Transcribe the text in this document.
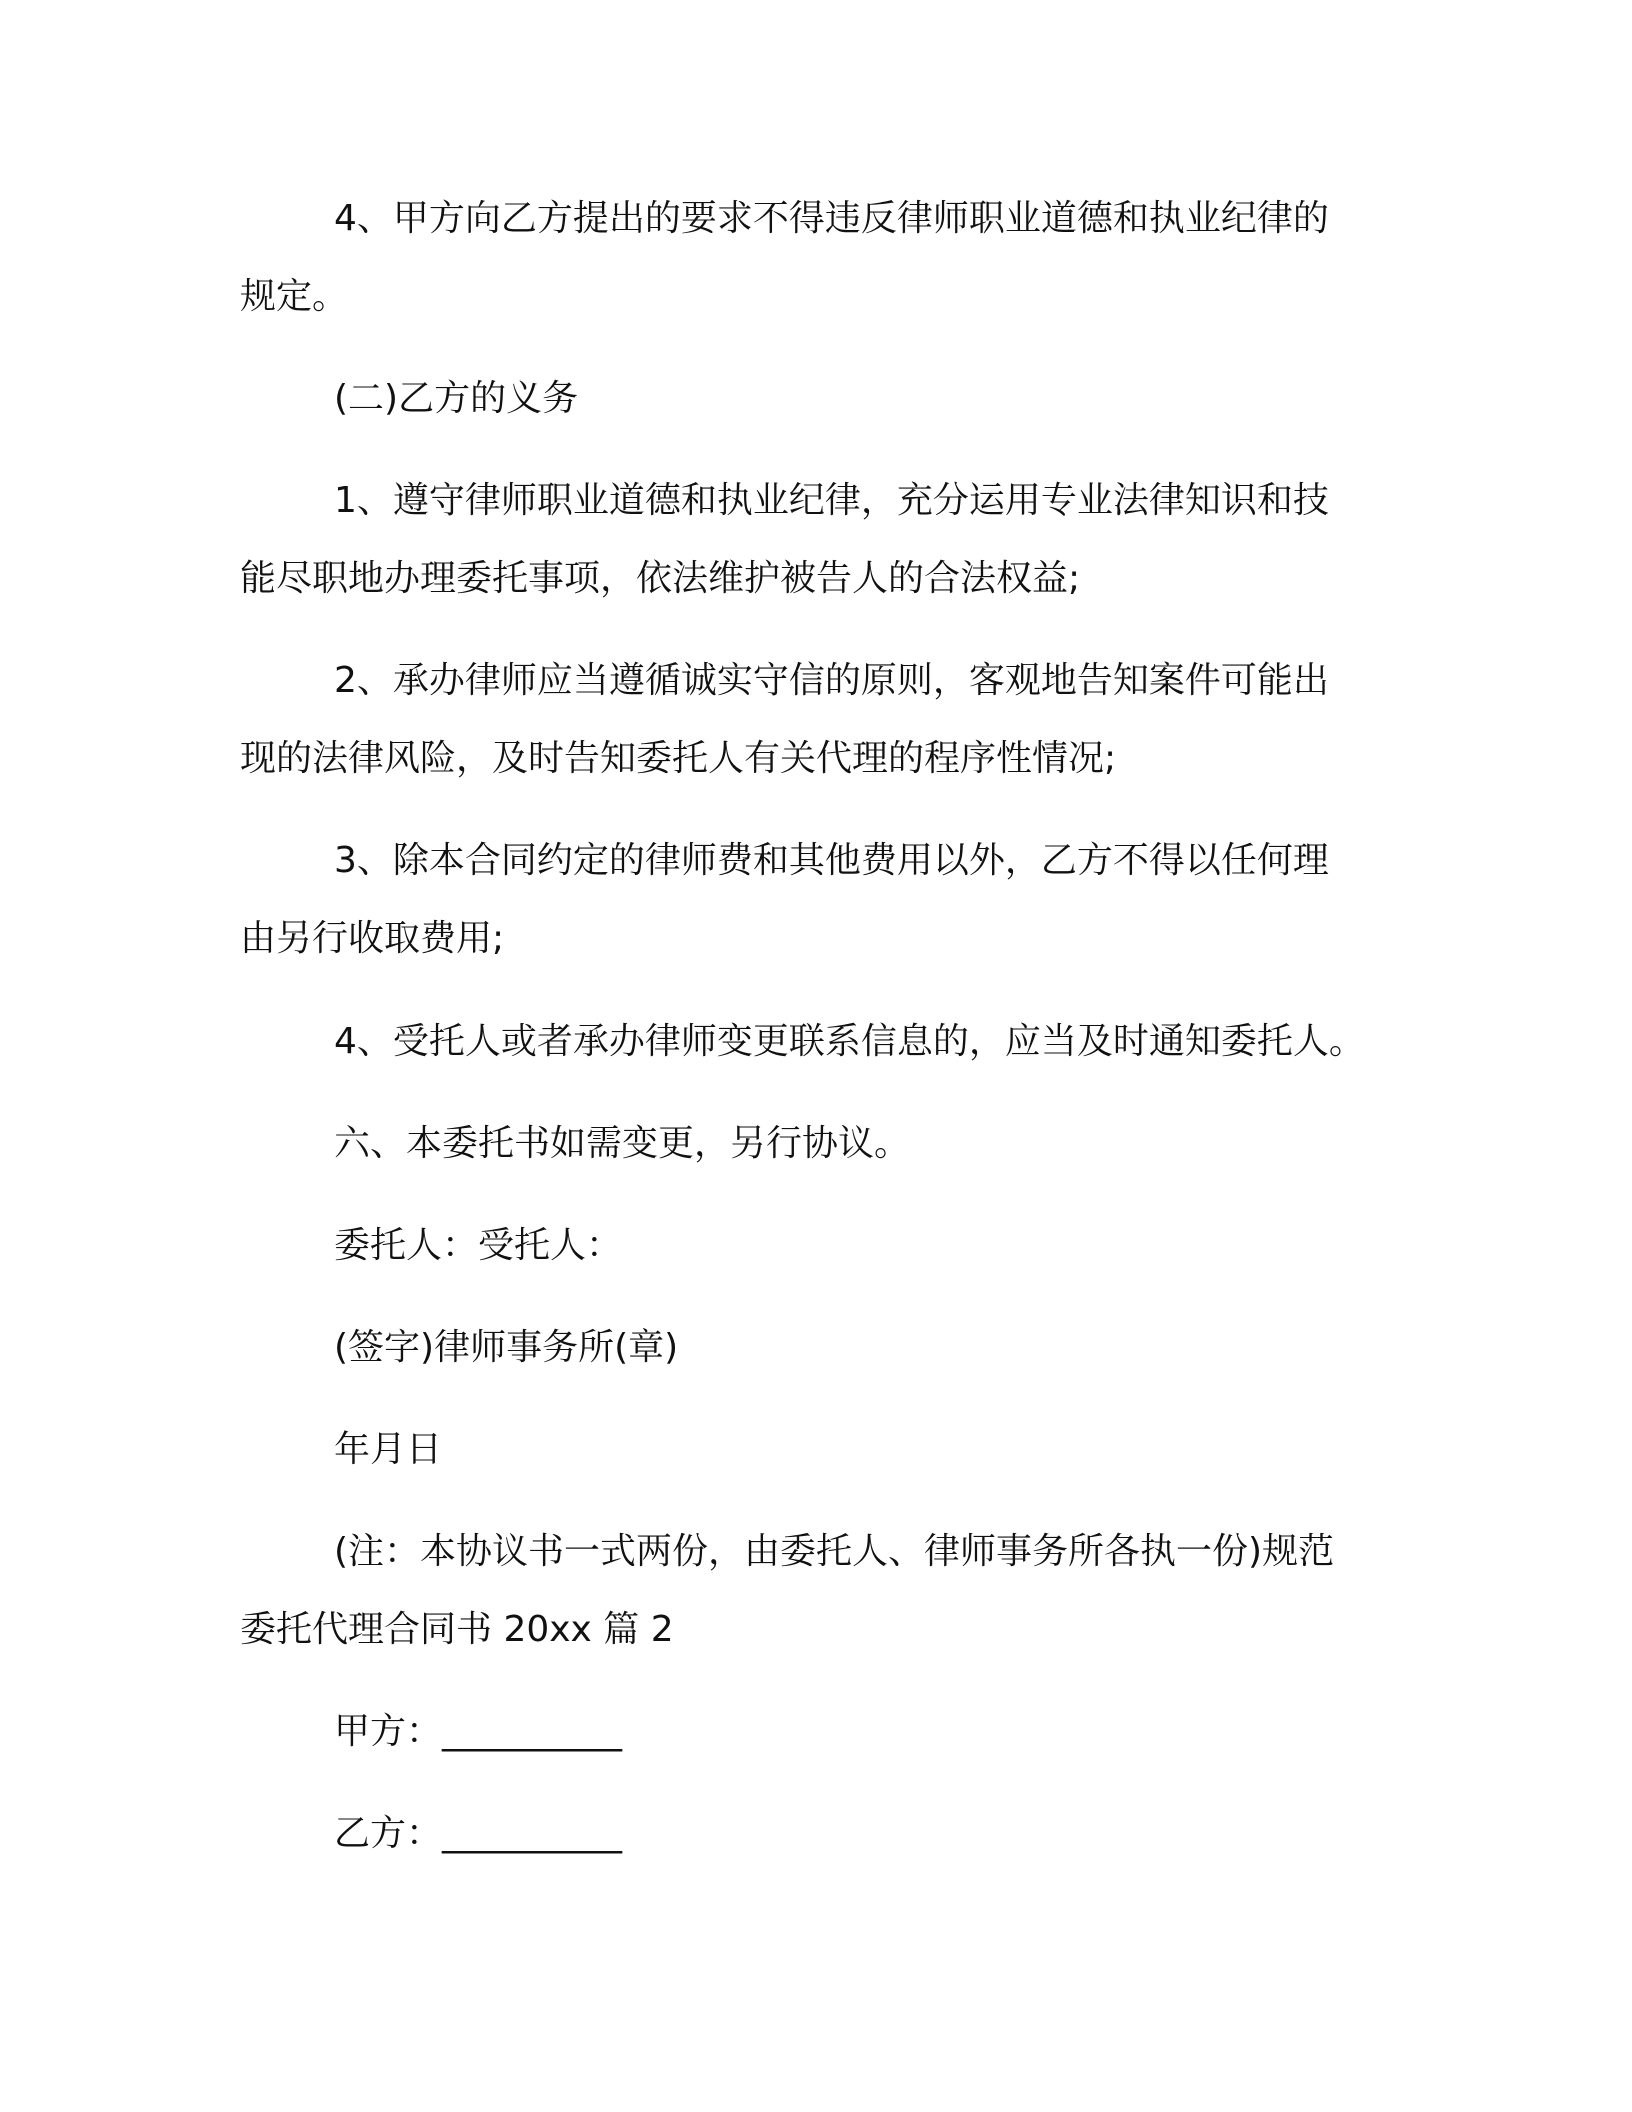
4、甲方向乙方提出的要求不得违反律师职业道德和执业纪律的
规定。
(二)乙方的义务
1、遵守律师职业道德和执业纪律，充分运用专业法律知识和技
能尽职地办理委托事项，依法维护被告人的合法权益;
2、承办律师应当遵循诚实守信的原则，客观地告知案件可能出
现的法律风险，及时告知委托人有关代理的程序性情况;
3、除本合同约定的律师费和其他费用以外，乙方不得以任何理
由另行收取费用;
4、受托人或者承办律师变更联系信息的，应当及时通知委托人。
六、本委托书如需变更，另行协议。
委托人：受托人：
(签字)律师事务所(章)
年月日
(注：本协议书一式两份，由委托人、律师事务所各执一份)规范
委托代理合同书 20xx 篇 2
甲方：__________
乙方：__________
